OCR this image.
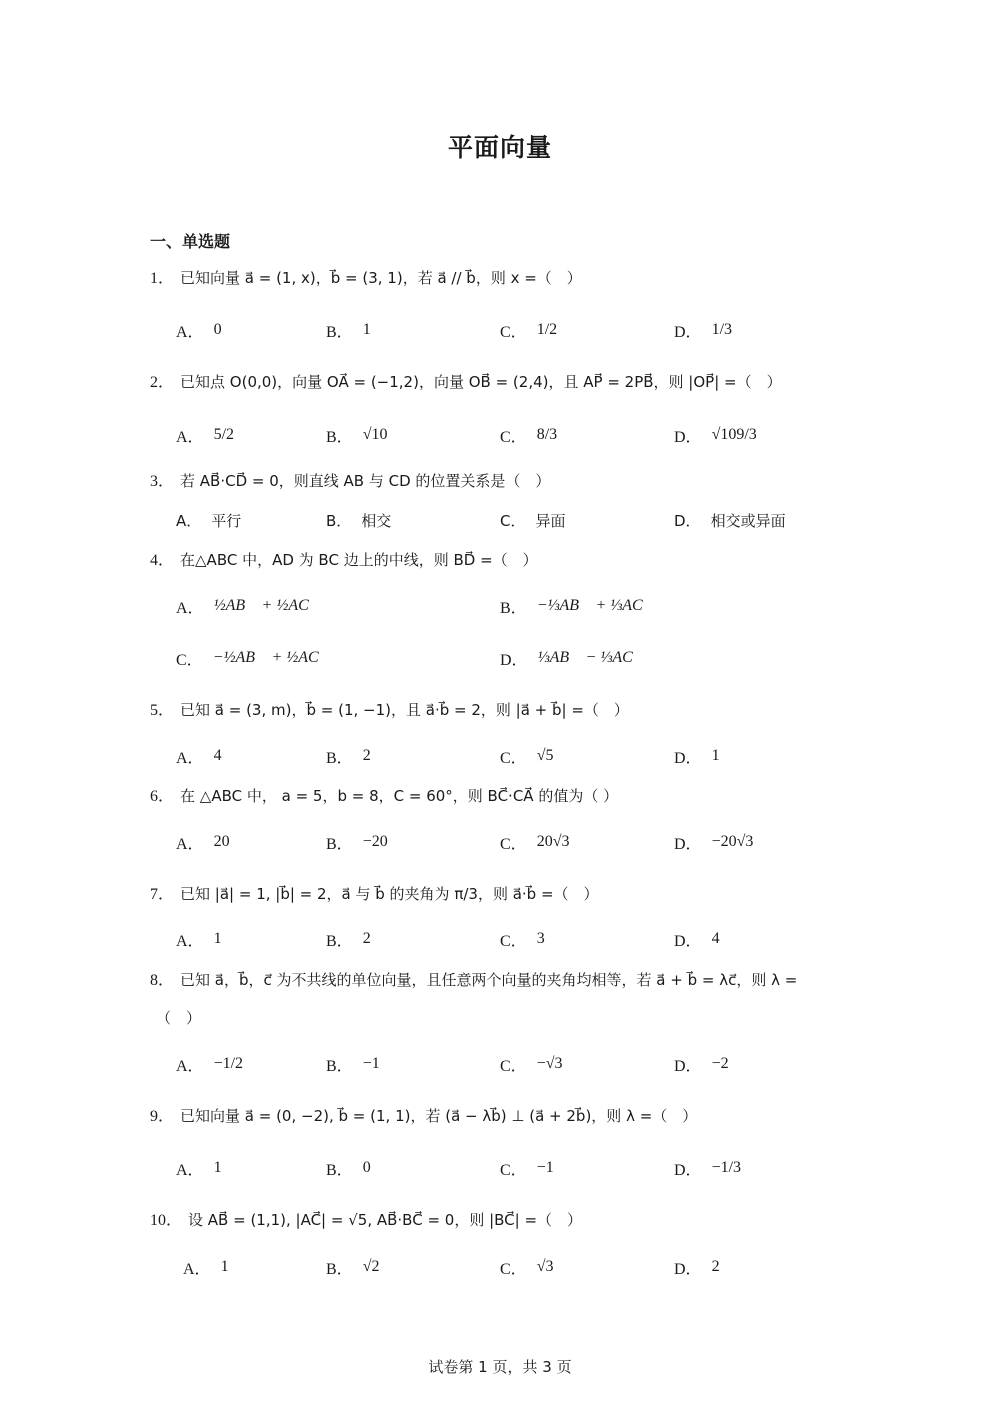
平面向量
一、单选题
1． 已知向量 a⃗ = (1, x)，b⃗ = (3, 1)，若 a⃗ // b⃗，则 x =（　）
A． 0	B． 1	C． 1/2	D． 1/3
2． 已知点 O(0,0)，向量 OA⃗ = (−1,2)，向量 OB⃗ = (2,4)，且 AP⃗ = 2PB⃗，则 |OP⃗| =（　）
A． 5/2	B． √10	C． 8/3	D． √109/3
3． 若 AB⃗·CD⃗ = 0，则直线 AB 与 CD 的位置关系是（　）
A． 平行	B． 相交	C． 异面	D． 相交或异面
4． 在△ABC 中，AD 为 BC 边上的中线，则 BD⃗ =（　）
A． ½AB⃗ + ½AC⃗	B． −⅓AB⃗ + ⅓AC⃗
C． −½AB⃗ + ½AC⃗	D． ⅓AB⃗ − ⅓AC⃗
5． 已知 a⃗ = (3, m)，b⃗ = (1, −1)，且 a⃗·b⃗ = 2，则 |a⃗ + b⃗| =（　）
A． 4	B． 2	C． √5	D． 1
6． 在 △ABC 中， a = 5，b = 8，C = 60°，则 BC⃗·CA⃗ 的值为（ ）
A． 20	B． −20	C． 20√3	D． −20√3
7． 已知 |a⃗| = 1, |b⃗| = 2，a⃗ 与 b⃗ 的夹角为 π/3，则 a⃗·b⃗ =（　）
A． 1	B． 2	C． 3	D． 4
8． 已知 a⃗，b⃗，c⃗ 为不共线的单位向量，且任意两个向量的夹角均相等，若 a⃗ + b⃗ = λc⃗，则 λ =
（　）
A． −1/2	B． −1	C． −√3	D． −2
9． 已知向量 a⃗ = (0, −2), b⃗ = (1, 1)，若 (a⃗ − λb⃗) ⊥ (a⃗ + 2b⃗)，则 λ =（　）
A． 1	B． 0	C． −1	D． −1/3
10． 设 AB⃗ = (1,1), |AC⃗| = √5, AB⃗·BC⃗ = 0，则 |BC⃗| =（　）
A． 1	B． √2	C． √3	D． 2
试卷第 1 页，共 3 页
